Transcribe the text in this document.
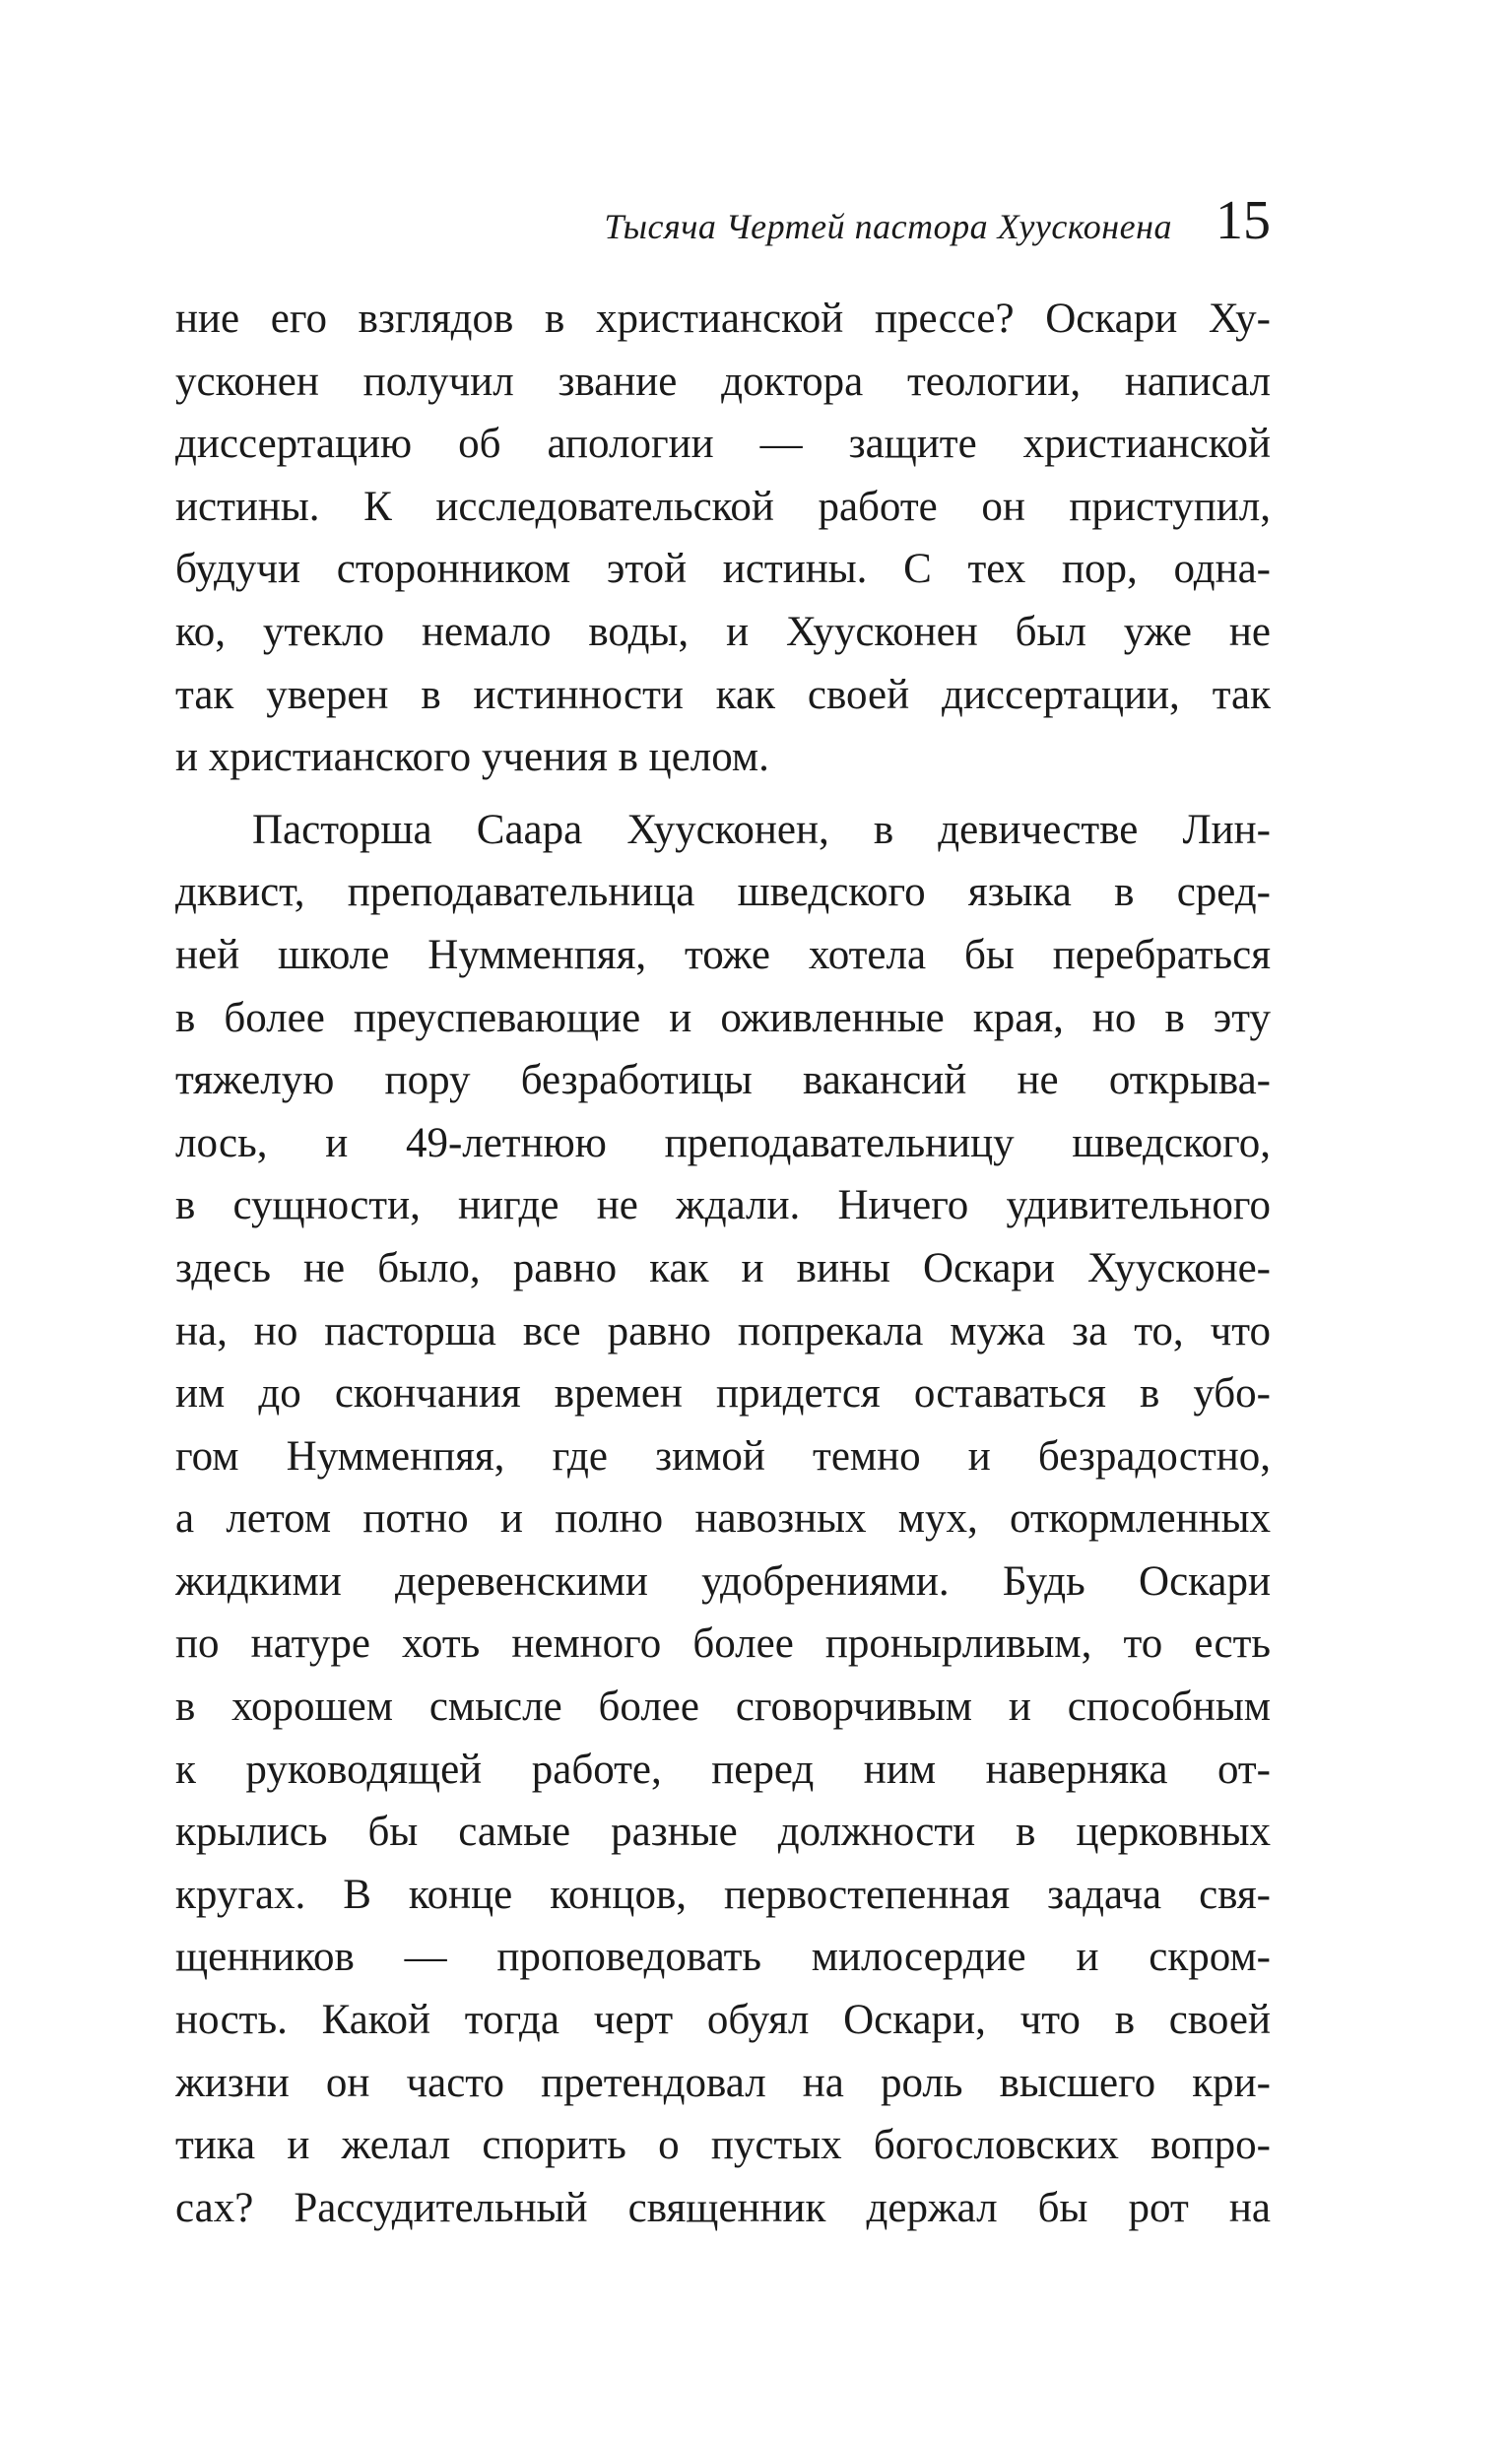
Тысяча Чертей пастора Хуусконена 15
ние его взглядов в христианской прессе? Оскари Ху-
усконен получил звание доктора теологии, написал
диссертацию об апологии — защите христианской
истины. К исследовательской работе он приступил,
будучи сторонником этой истины. С тех пор, одна-
ко, утекло немало воды, и Хуусконен был уже не
так уверен в истинности как своей диссертации, так
и христианского учения в целом.
Пасторша Саара Хуусконен, в девичестве Лин-
дквист, преподавательница шведского языка в сред-
ней школе Нумменпяя, тоже хотела бы перебраться
в более преуспевающие и оживленные края, но в эту
тяжелую пору безработицы вакансий не открыва-
лось, и 49-летнюю преподавательницу шведского,
в сущности, нигде не ждали. Ничего удивительного
здесь не было, равно как и вины Оскари Хуусконе-
на, но пасторша все равно попрекала мужа за то, что
им до скончания времен придется оставаться в убо-
гом Нумменпяя, где зимой темно и безрадостно,
а летом потно и полно навозных мух, откормленных
жидкими деревенскими удобрениями. Будь Оскари
по натуре хоть немного более пронырливым, то есть
в хорошем смысле более сговорчивым и способным
к руководящей работе, перед ним наверняка от-
крылись бы самые разные должности в церковных
кругах. В конце концов, первостепенная задача свя-
щенников — проповедовать милосердие и скром-
ность. Какой тогда черт обуял Оскари, что в своей
жизни он часто претендовал на роль высшего кри-
тика и желал спорить о пустых богословских вопро-
сах? Рассудительный священник держал бы рот на
